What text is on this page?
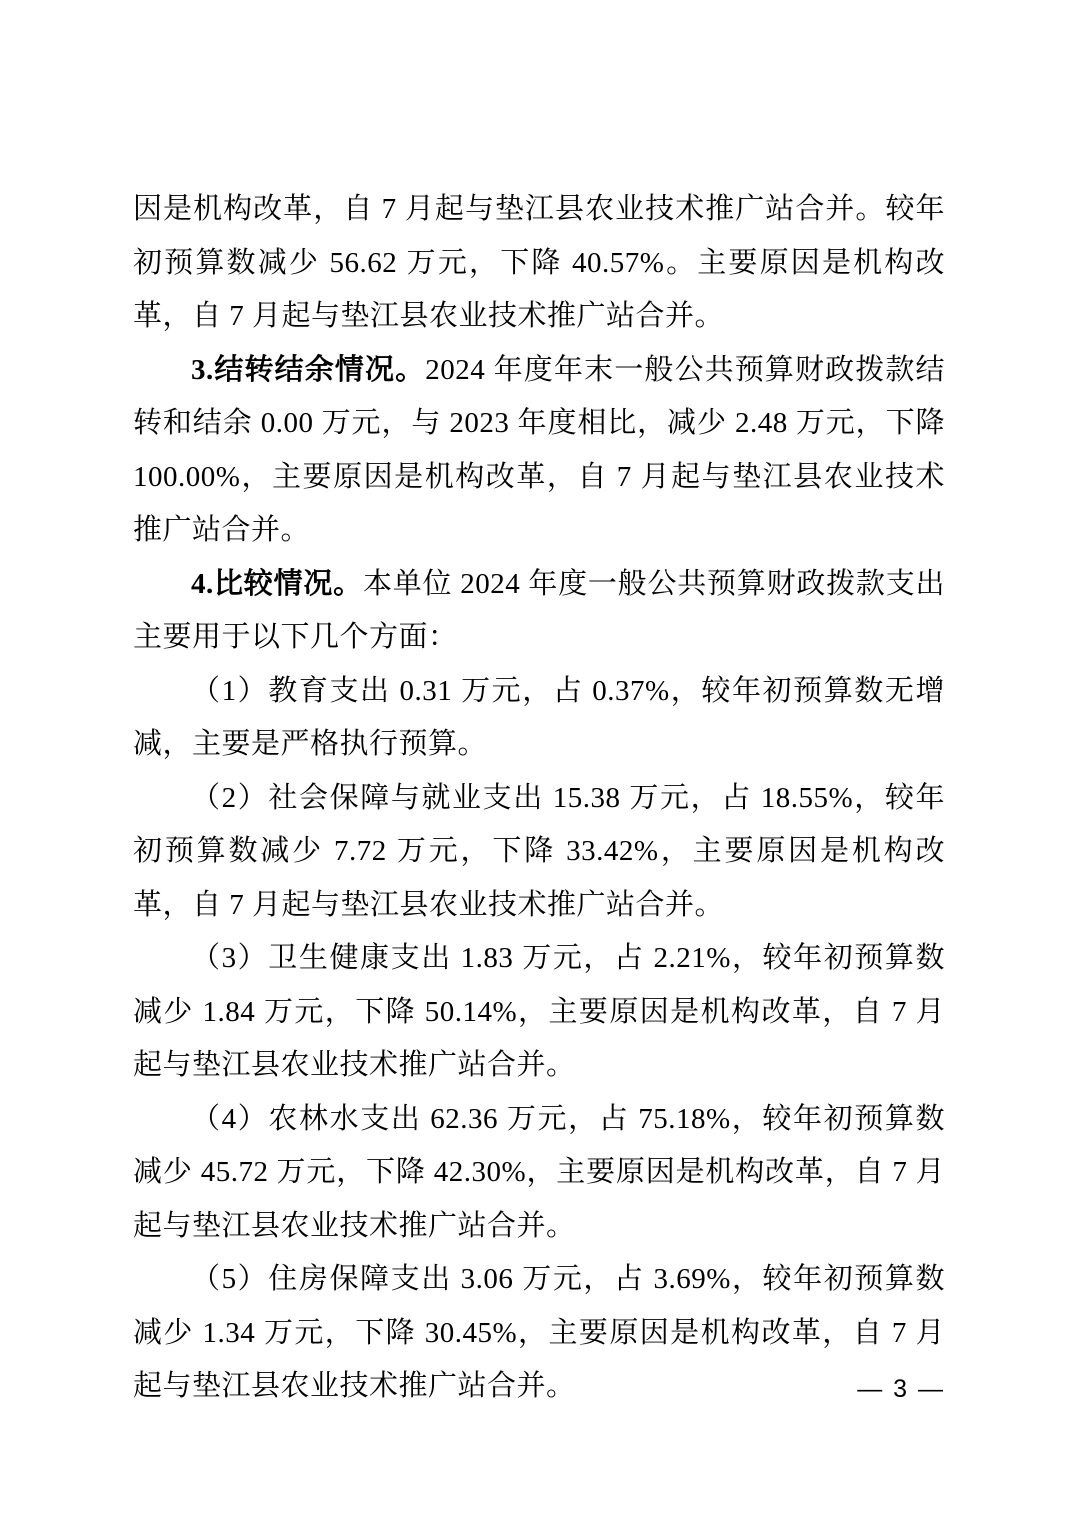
因是机构改革，自 7 月起与垫江县农业技术推广站合并。较年初预算数减少 56.62 万元，下降 40.57%。主要原因是机构改革，自 7 月起与垫江县农业技术推广站合并。

3.结转结余情况。2024 年度年末一般公共预算财政拨款结转和结余 0.00 万元，与 2023 年度相比，减少 2.48 万元，下降 100.00%，主要原因是机构改革，自 7 月起与垫江县农业技术推广站合并。

4.比较情况。本单位 2024 年度一般公共预算财政拨款支出主要用于以下几个方面：

（1）教育支出 0.31 万元，占 0.37%，较年初预算数无增减，主要是严格执行预算。

（2）社会保障与就业支出 15.38 万元，占 18.55%，较年初预算数减少 7.72 万元，下降 33.42%，主要原因是机构改革，自 7 月起与垫江县农业技术推广站合并。

（3）卫生健康支出 1.83 万元，占 2.21%，较年初预算数减少 1.84 万元，下降 50.14%，主要原因是机构改革，自 7 月起与垫江县农业技术推广站合并。

（4）农林水支出 62.36 万元，占 75.18%，较年初预算数减少 45.72 万元，下降 42.30%，主要原因是机构改革，自 7 月起与垫江县农业技术推广站合并。

（5）住房保障支出 3.06 万元，占 3.69%，较年初预算数减少 1.34 万元，下降 30.45%，主要原因是机构改革，自 7 月起与垫江县农业技术推广站合并。	— 3 —
